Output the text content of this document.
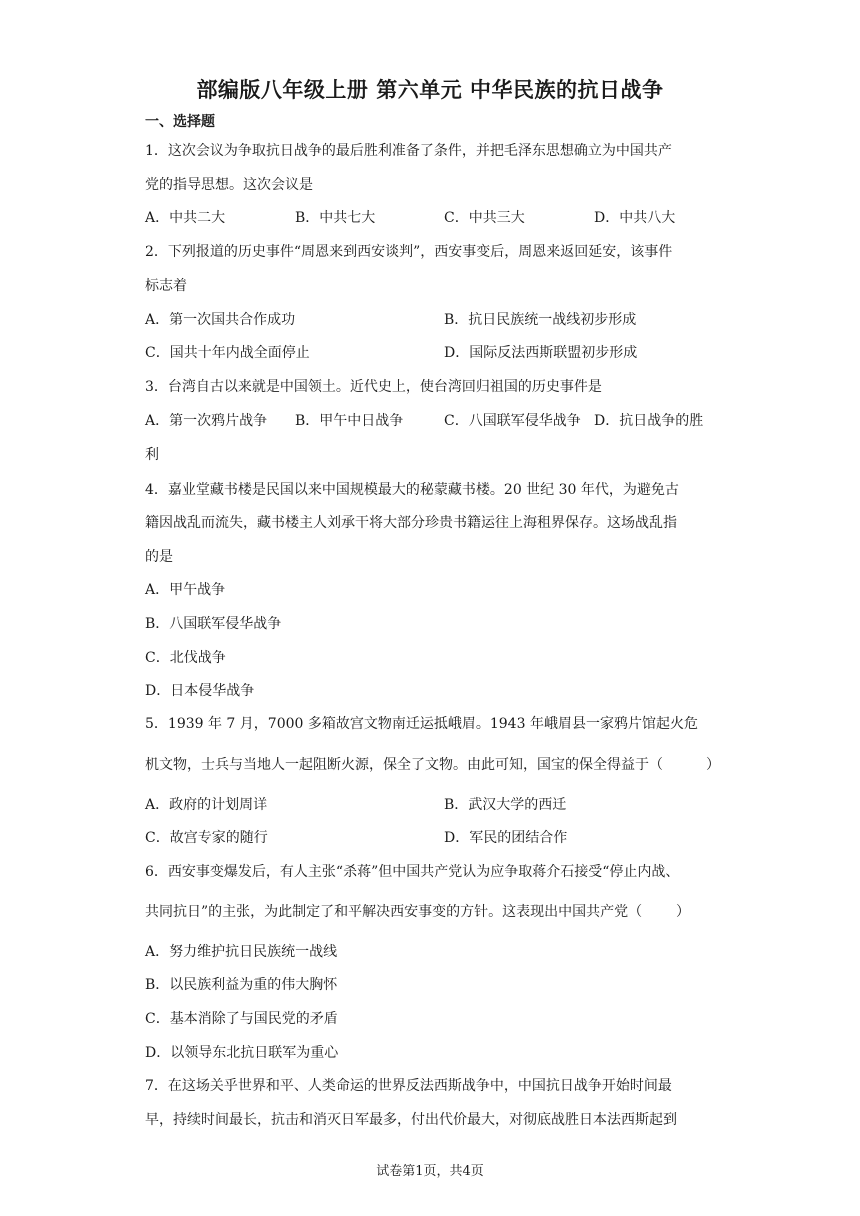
部编版八年级上册 第六单元 中华民族的抗日战争
一、选择题
1．这次会议为争取抗日战争的最后胜利准备了条件，并把毛泽东思想确立为中国共产
党的指导思想。这次会议是
A．中共二大	B．中共七大	C．中共三大	D．中共八大
2．下列报道的历史事件“周恩来到西安谈判”，西安事变后，周恩来返回延安，该事件
标志着
A．第一次国共合作成功	B．抗日民族统一战线初步形成
C．国共十年内战全面停止	D．国际反法西斯联盟初步形成
3．台湾自古以来就是中国领土。近代史上，使台湾回归祖国的历史事件是
A．第一次鸦片战争 B．甲午中日战争	C．八国联军侵华战争 D．抗日战争的胜
利
4．嘉业堂藏书楼是民国以来中国规模最大的秘蒙藏书楼。20 世纪 30 年代，为避免古
籍因战乱而流失，藏书楼主人刘承干将大部分珍贵书籍运往上海租界保存。这场战乱指
的是
A．甲午战争
B．八国联军侵华战争
C．北伐战争
D．日本侵华战争
5．1939 年 7 月，7000 多箱故宫文物南迁运抵峨眉。1943 年峨眉县一家鸦片馆起火危
机文物，士兵与当地人一起阻断火源，保全了文物。由此可知，国宝的保全得益于（	）
A．政府的计划周详	B．武汉大学的西迁
C．故宫专家的随行	D．军民的团结合作
6．西安事变爆发后，有人主张“杀蒋”但中国共产党认为应争取蒋介石接受“停止内战、
共同抗日”的主张，为此制定了和平解决西安事变的方针。这表现出中国共产党（ ）
A．努力维护抗日民族统一战线
B．以民族利益为重的伟大胸怀
C．基本消除了与国民党的矛盾
D．以领导东北抗日联军为重心
7．在这场关乎世界和平、人类命运的世界反法西斯战争中，中国抗日战争开始时间最
早，持续时间最长，抗击和消灭日军最多，付出代价最大，对彻底战胜日本法西斯起到
试卷第1页，共4页
